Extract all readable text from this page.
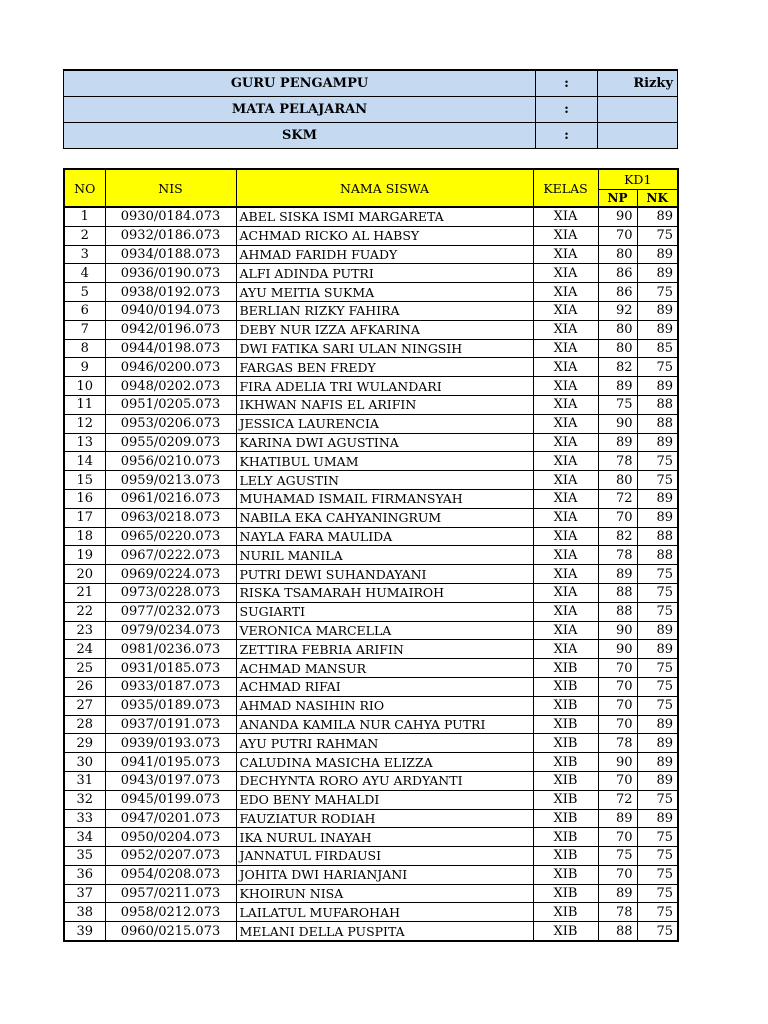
GURU PENGAMPU	:	Rizky
MATA PELAJARAN	:	
SKM	:	
NO	NIS	NAMA SISWA	KELAS	KD1	
				NP	NK
1	0930/0184.073	ABEL SISKA ISMI MARGARETA	XIA	90	89
2	0932/0186.073	ACHMAD RICKO AL HABSY	XIA	70	75
3	0934/0188.073	AHMAD FARIDH FUADY	XIA	80	89
4	0936/0190.073	ALFI ADINDA PUTRI	XIA	86	89
5	0938/0192.073	AYU MEITIA SUKMA	XIA	86	75
6	0940/0194.073	BERLIAN RIZKY FAHIRA	XIA	92	89
7	0942/0196.073	DEBY NUR IZZA AFKARINA	XIA	80	89
8	0944/0198.073	DWI FATIKA SARI ULAN NINGSIH	XIA	80	85
9	0946/0200.073	FARGAS BEN FREDY	XIA	82	75
10	0948/0202.073	FIRA ADELIA TRI WULANDARI	XIA	89	89
11	0951/0205.073	IKHWAN NAFIS EL ARIFIN	XIA	75	88
12	0953/0206.073	JESSICA LAURENCIA	XIA	90	88
13	0955/0209.073	KARINA DWI AGUSTINA	XIA	89	89
14	0956/0210.073	KHATIBUL UMAM	XIA	78	75
15	0959/0213.073	LELY AGUSTIN	XIA	80	75
16	0961/0216.073	MUHAMAD ISMAIL FIRMANSYAH	XIA	72	89
17	0963/0218.073	NABILA EKA CAHYANINGRUM	XIA	70	89
18	0965/0220.073	NAYLA FARA MAULIDA	XIA	82	88
19	0967/0222.073	NURIL MANILA	XIA	78	88
20	0969/0224.073	PUTRI DEWI SUHANDAYANI	XIA	89	75
21	0973/0228.073	RISKA TSAMARAH HUMAIROH	XIA	88	75
22	0977/0232.073	SUGIARTI	XIA	88	75
23	0979/0234.073	VERONICA MARCELLA	XIA	90	89
24	0981/0236.073	ZETTIRA FEBRIA ARIFIN	XIA	90	89
25	0931/0185.073	ACHMAD MANSUR	XIB	70	75
26	0933/0187.073	ACHMAD RIFAI	XIB	70	75
27	0935/0189.073	AHMAD NASIHIN RIO	XIB	70	75
28	0937/0191.073	ANANDA KAMILA NUR CAHYA PUTRI	XIB	70	89
29	0939/0193.073	AYU PUTRI RAHMAN	XIB	78	89
30	0941/0195.073	CALUDINA MASICHA ELIZZA	XIB	90	89
31	0943/0197.073	DECHYNTA RORO AYU ARDYANTI	XIB	70	89
32	0945/0199.073	EDO BENY MAHALDI	XIB	72	75
33	0947/0201.073	FAUZIATUR RODIAH	XIB	89	89
34	0950/0204.073	IKA NURUL INAYAH	XIB	70	75
35	0952/0207.073	JANNATUL FIRDAUSI	XIB	75	75
36	0954/0208.073	JOHITA DWI HARIANJANI	XIB	70	75
37	0957/0211.073	KHOIRUN NISA	XIB	89	75
38	0958/0212.073	LAILATUL MUFAROHAH	XIB	78	75
39	0960/0215.073	MELANI DELLA PUSPITA	XIB	88	75
